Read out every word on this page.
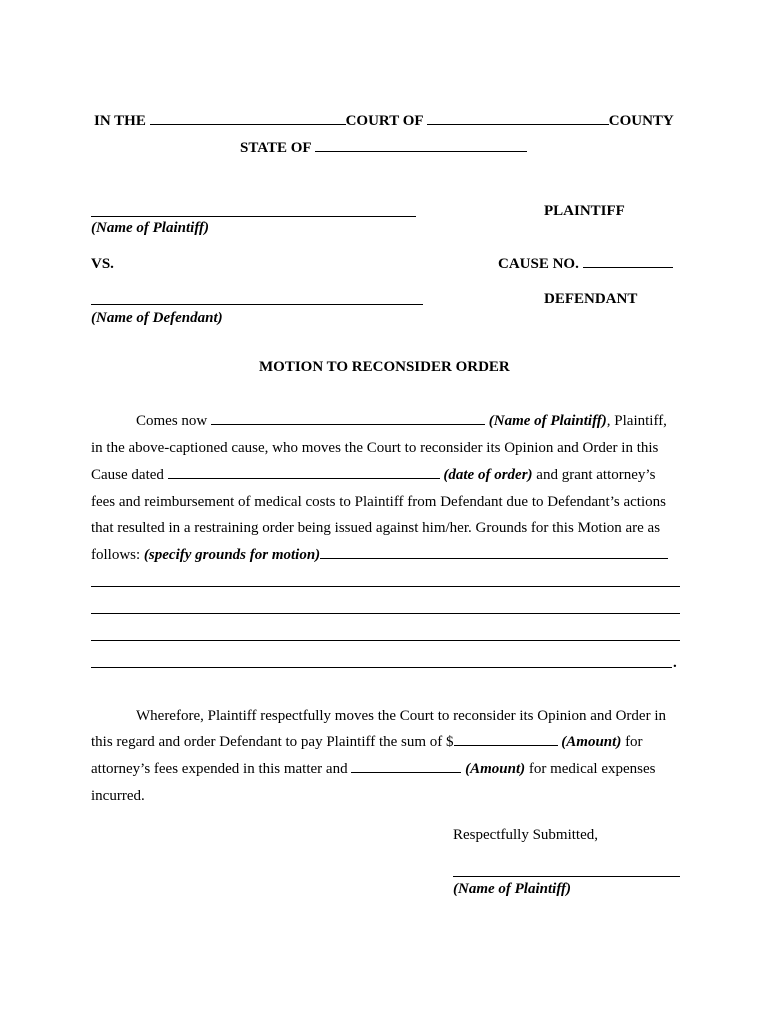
IN THE	COURT OF	COUNTY
STATE OF
(Name of Plaintiff)
PLAINTIFF
VS.	CAUSE NO.
(Name of Defendant)
DEFENDANT
MOTION TO RECONSIDER ORDER
Comes now	(Name of Plaintiff), Plaintiff,
in the above-captioned cause, who moves the Court to reconsider its Opinion and Order in this
Cause dated	(date of order) and grant attorney’s
fees and reimbursement of medical costs to Plaintiff from Defendant due to Defendant’s actions
that resulted in a restraining order being issued against him/her. Grounds for this Motion are as
follows: (specify grounds for motion)
.
Wherefore, Plaintiff respectfully moves the Court to reconsider its Opinion and Order in
this regard and order Defendant to pay Plaintiff the sum of $	(Amount) for
attorney’s fees expended in this matter and	(Amount) for medical expenses
incurred.
Respectfully Submitted,
(Name of Plaintiff)
